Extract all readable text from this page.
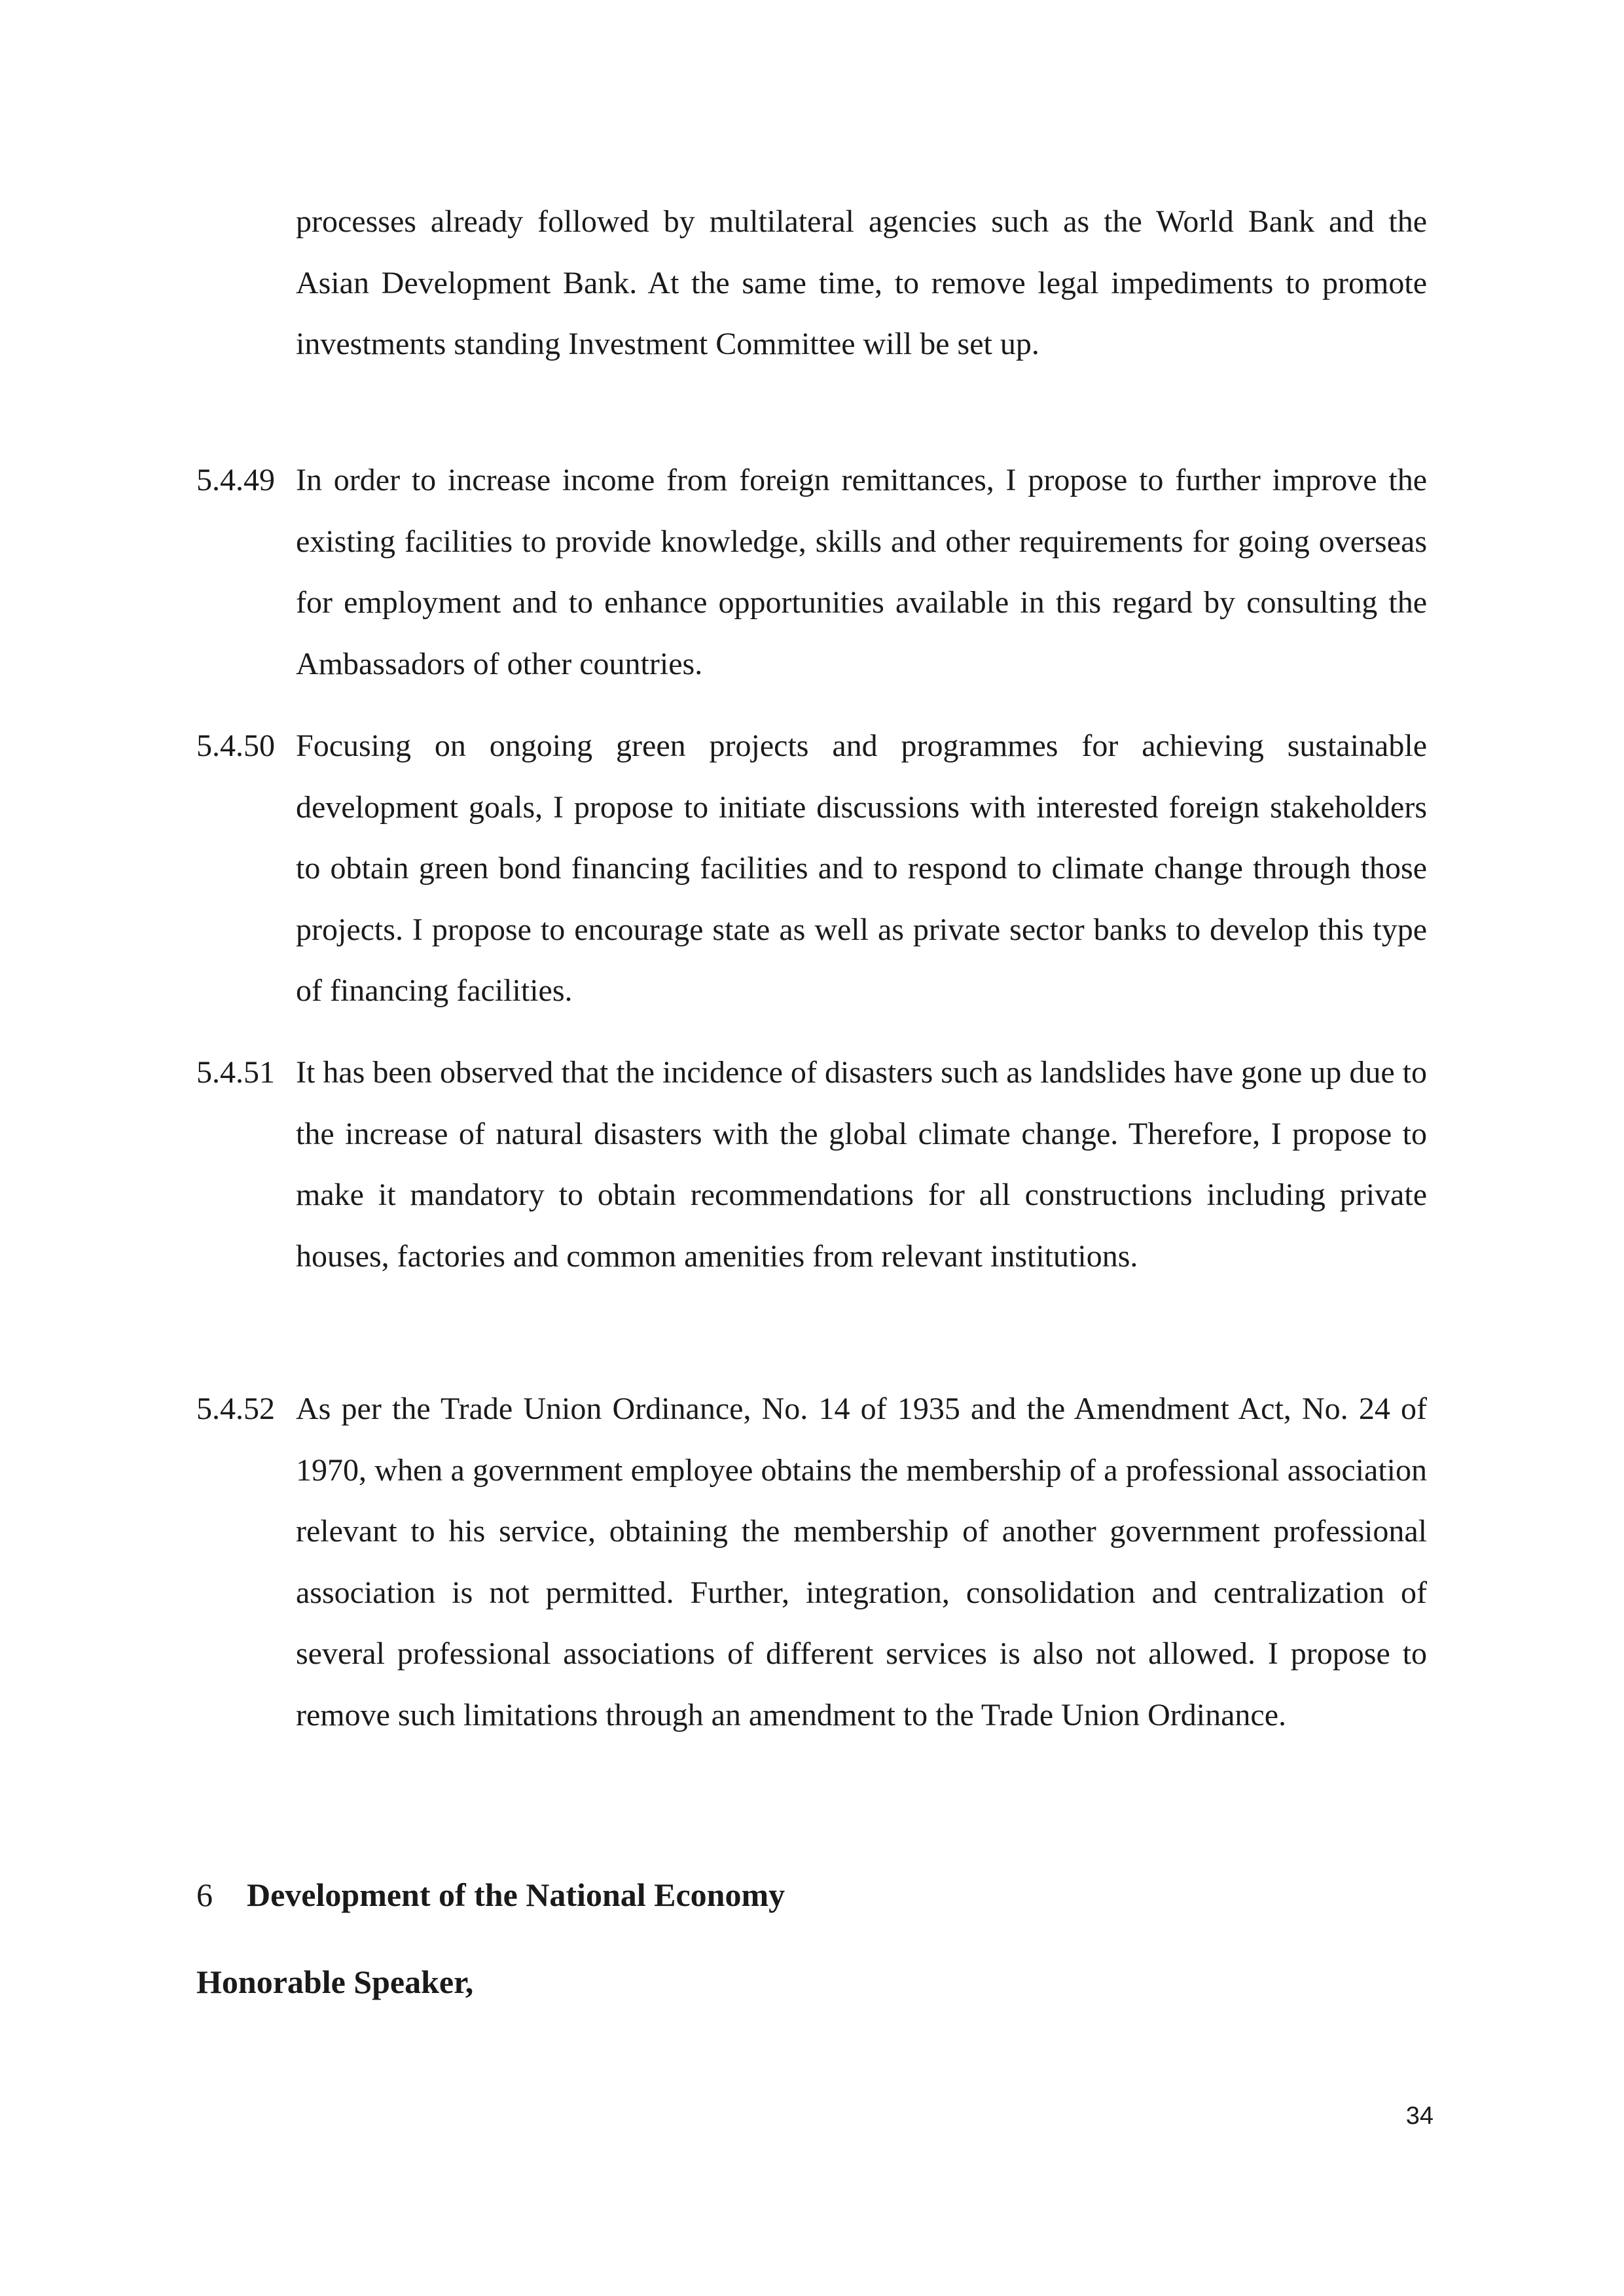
processes already followed by multilateral agencies such as the World Bank and the Asian Development Bank. At the same time, to remove legal impediments to promote investments standing Investment Committee will be set up.

5.4.49 In order to increase income from foreign remittances, I propose to further improve the existing facilities to provide knowledge, skills and other requirements for going overseas for employment and to enhance opportunities available in this regard by consulting the Ambassadors of other countries.

5.4.50 Focusing on ongoing green projects and programmes for achieving sustainable development goals, I propose to initiate discussions with interested foreign stakeholders to obtain green bond financing facilities and to respond to climate change through those projects. I propose to encourage state as well as private sector banks to develop this type of financing facilities.

5.4.51 It has been observed that the incidence of disasters such as landslides have gone up due to the increase of natural disasters with the global climate change. Therefore, I propose to make it mandatory to obtain recommendations for all constructions including private houses, factories and common amenities from relevant institutions.

5.4.52 As per the Trade Union Ordinance, No. 14 of 1935 and the Amendment Act, No. 24 of 1970, when a government employee obtains the membership of a professional association relevant to his service, obtaining the membership of another government professional association is not permitted. Further, integration, consolidation and centralization of several professional associations of different services is also not allowed. I propose to remove such limitations through an amendment to the Trade Union Ordinance.

6 Development of the National Economy
Honorable Speaker,
34
